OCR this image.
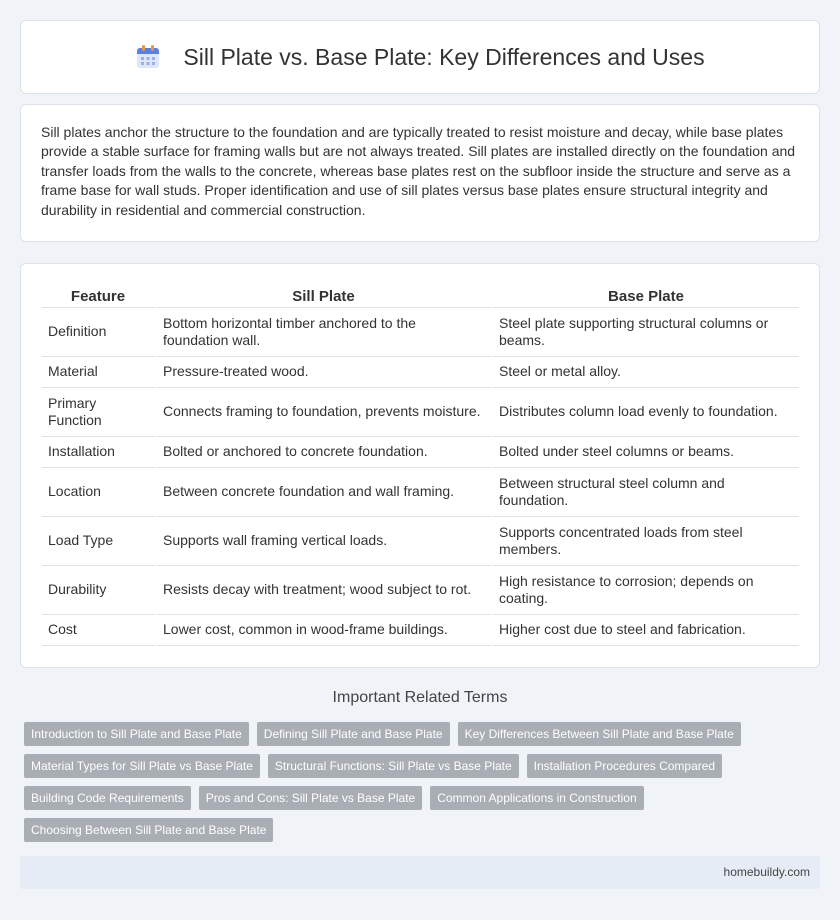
Sill Plate vs. Base Plate: Key Differences and Uses

Sill plates anchor the structure to the foundation and are typically treated to resist moisture and decay, while base plates provide a stable surface for framing walls but are not always treated. Sill plates are installed directly on the foundation and transfer loads from the walls to the concrete, whereas base plates rest on the subfloor inside the structure and serve as a frame base for wall studs. Proper identification and use of sill plates versus base plates ensure structural integrity and durability in residential and commercial construction.

Feature	Sill Plate	Base Plate
Definition	Bottom horizontal timber anchored to the foundation wall.	Steel plate supporting structural columns or beams.
Material	Pressure-treated wood.	Steel or metal alloy.
Primary Function	Connects framing to foundation, prevents moisture.	Distributes column load evenly to foundation.
Installation	Bolted or anchored to concrete foundation.	Bolted under steel columns or beams.
Location	Between concrete foundation and wall framing.	Between structural steel column and foundation.
Load Type	Supports wall framing vertical loads.	Supports concentrated loads from steel members.
Durability	Resists decay with treatment; wood subject to rot.	High resistance to corrosion; depends on coating.
Cost	Lower cost, common in wood-frame buildings.	Higher cost due to steel and fabrication.
Important Related Terms
Introduction to Sill Plate and Base Plate	Defining Sill Plate and Base Plate	Key Differences Between Sill Plate and Base Plate
Material Types for Sill Plate vs Base Plate	Structural Functions: Sill Plate vs Base Plate	Installation Procedures Compared
Building Code Requirements	Pros and Cons: Sill Plate vs Base Plate	Common Applications in Construction
Choosing Between Sill Plate and Base Plate
homebuildy.com
